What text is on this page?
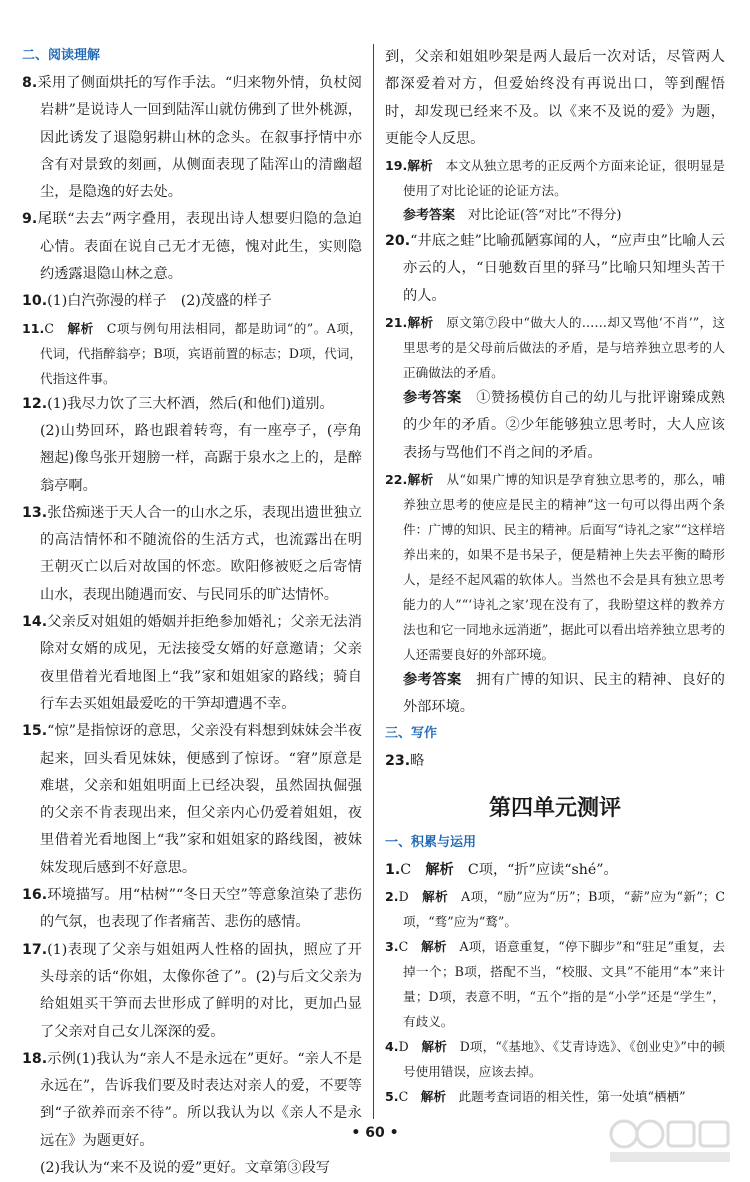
二、阅读理解
8.采用了侧面烘托的写作手法。“归来物外情，负杖阅岩耕”是说诗人一回到陆浑山就仿佛到了世外桃源，因此诱发了退隐躬耕山林的念头。在叙事抒情中亦含有对景致的刻画，从侧面表现了陆浑山的清幽超尘，是隐逸的好去处。
9.尾联“去去”两字叠用，表现出诗人想要归隐的急迫心情。表面在说自己无才无德，愧对此生，实则隐约透露退隐山林之意。
10.(1)白汽弥漫的样子　(2)茂盛的样子
11.C　解析　 C项与例句用法相同，都是助词“的”。A项，代词，代指醉翁亭；B项，宾语前置的标志；D项，代词，代指这件事。
12.(1)我尽力饮了三大杯酒，然后(和他们)道别。
(2)山势回环，路也跟着转弯，有一座亭子，(亭角翘起)像鸟张开翅膀一样，高踞于泉水之上的，是醉翁亭啊。
13.张岱痴迷于天人合一的山水之乐，表现出遗世独立的高洁情怀和不随流俗的生活方式，也流露出在明王朝灭亡以后对故国的怀恋。欧阳修被贬之后寄情山水，表现出随遇而安、与民同乐的旷达情怀。
14.父亲反对姐姐的婚姻并拒绝参加婚礼；父亲无法消除对女婿的成见，无法接受女婿的好意邀请；父亲夜里借着光看地图上“我”家和姐姐家的路线；骑自行车去买姐姐最爱吃的干笋却遭遇不幸。
15.“惊”是指惊讶的意思，父亲没有料想到妹妹会半夜起来，回头看见妹妹，便感到了惊讶。“窘”原意是难堪，父亲和姐姐明面上已经决裂，虽然固执倔强的父亲不肯表现出来，但父亲内心仍爱着姐姐，夜里借着光看地图上“我”家和姐姐家的路线图，被妹妹发现后感到不好意思。
16.环境描写。用“枯树”“冬日天空”等意象渲染了悲伤的气氛，也表现了作者痛苦、悲伤的感情。
17.(1)表现了父亲与姐姐两人性格的固执，照应了开头母亲的话“你姐，太像你爸了”。(2)与后文父亲为给姐姐买干笋而去世形成了鲜明的对比，更加凸显了父亲对自己女儿深深的爱。
18.示例(1)我认为“亲人不是永远在”更好。“亲人不是永远在”，告诉我们要及时表达对亲人的爱，不要等到“子欲养而亲不待”。所以我认为以《亲人不是永远在》为题更好。
(2)我认为“来不及说的爱”更好。文章第③段写
到，父亲和姐姐吵架是两人最后一次对话，尽管两人都深爱着对方，但爱始终没有再说出口，等到醒悟时，却发现已经来不及。以《来不及说的爱》为题，更能令人反思。
19.解析　 本文从独立思考的正反两个方面来论证，很明显是使用了对比论证的论证方法。
参考答案　 对比论证(答“对比”不得分)
20.“井底之蛙”比喻孤陋寡闻的人，“应声虫”比喻人云亦云的人，“日驰数百里的驿马”比喻只知埋头苦干的人。
21.解析　 原文第⑦段中“做大人的……却又骂他‘不肖’”，这里思考的是父母前后做法的矛盾，是与培养独立思考的人正确做法的矛盾。
参考答案　 ①赞扬模仿自己的幼儿与批评谢臻成熟的少年的矛盾。②少年能够独立思考时，大人应该表扬与骂他们不肖之间的矛盾。
22.解析　 从“如果广博的知识是孕育独立思考的，那么，哺养独立思考的使应是民主的精神”这一句可以得出两个条件：广博的知识、民主的精神。后面写“诗礼之家”“这样培养出来的，如果不是书呆子，便是精神上失去平衡的畸形人，是经不起风霜的软体人。当然也不会是具有独立思考能力的人”“‘诗礼之家’现在没有了，我盼望这样的教养方法也和它一同地永远消逝”，据此可以看出培养独立思考的人还需要良好的外部环境。
参考答案　 拥有广博的知识、民主的精神、良好的外部环境。
三、写作
23.略
第四单元测评
一、积累与运用
1.C　解析　 C项，“折”应读“shé”。
2.D　解析　 A项，“励”应为“历”；B项，“薪”应为“新”；C项，“骛”应为“鹜”。
3.C　解析　 A项，语意重复，“停下脚步”和“驻足”重复，去掉一个；B项，搭配不当，“校服、文具”不能用“本”来计量；D项，表意不明，“五个”指的是“小学”还是“学生”，有歧义。
4.D　解析　 D项，“《基地》、《艾青诗选》、《创业史》”中的顿号使用错误，应该去掉。
5.C　解析　 此题考查词语的相关性，第一处填“栖栖”
• 60 •
